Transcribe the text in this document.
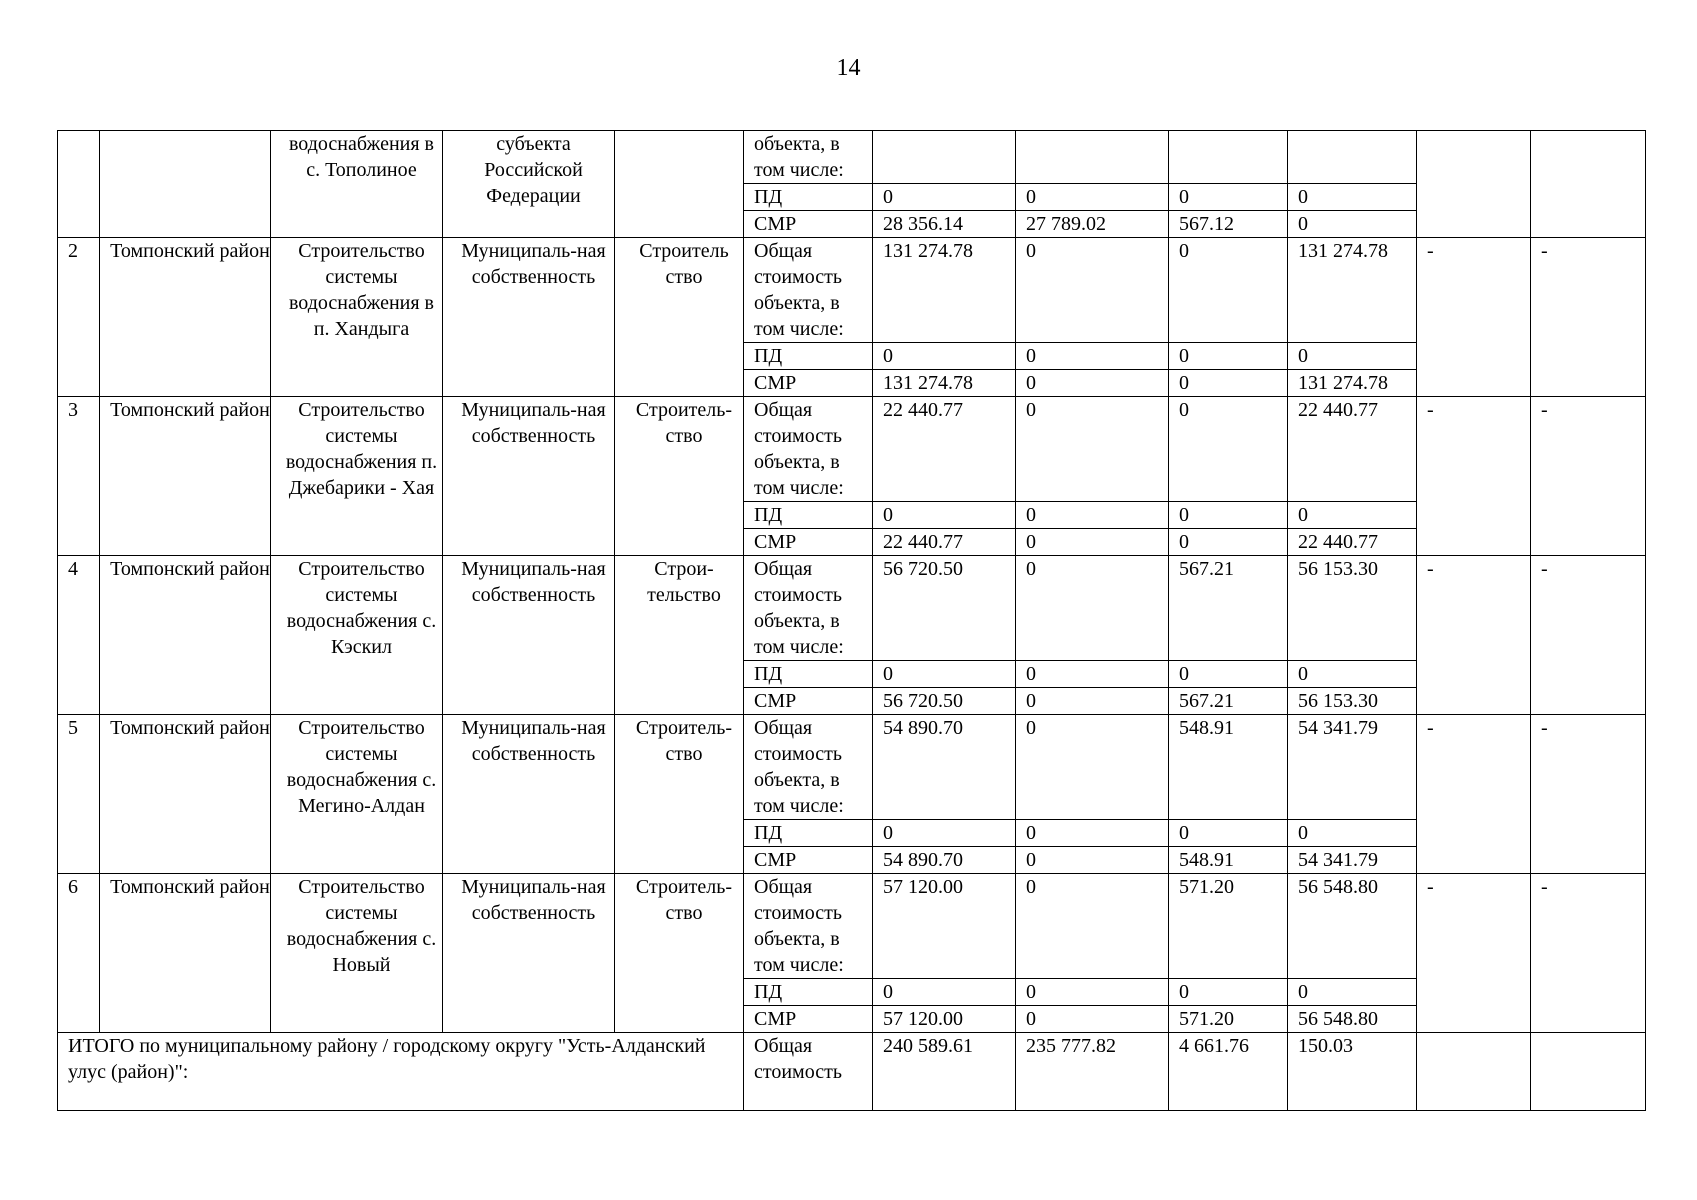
14
		водоснабжения в с. Тополиное	субъекта Российской Федерации		объекта, в том числе:						
					ПД	0	0	0	0		
					СМР	28 356.14	27 789.02	567.12	0		
2	Томпонский район	Строительство системы водоснабжения в п. Хандыга	Муниципаль-ная собственность	Строитель ство	Общая стоимость объекта, в том числе:	131 274.78	0	0	131 274.78	-	-
					ПД	0	0	0	0		
					СМР	131 274.78	0	0	131 274.78		
3	Томпонский район	Строительство системы водоснабжения п. Джебарики - Хая	Муниципаль-ная собственность	Строитель-ство	Общая стоимость объекта, в том числе:	22 440.77	0	0	22 440.77	-	-
					ПД	0	0	0	0		
					СМР	22 440.77	0	0	22 440.77		
4	Томпонский район	Строительство системы водоснабжения с. Кэскил	Муниципаль-ная собственность	Строи-тельство	Общая стоимость объекта, в том числе:	56 720.50	0	567.21	56 153.30	-	-
					ПД	0	0	0	0		
					СМР	56 720.50	0	567.21	56 153.30		
5	Томпонский район	Строительство системы водоснабжения с. Мегино-Алдан	Муниципаль-ная собственность	Строитель-ство	Общая стоимость объекта, в том числе:	54 890.70	0	548.91	54 341.79	-	-
					ПД	0	0	0	0		
					СМР	54 890.70	0	548.91	54 341.79		
6	Томпонский район	Строительство системы водоснабжения с. Новый	Муниципаль-ная собственность	Строитель-ство	Общая стоимость объекта, в том числе:	57 120.00	0	571.20	56 548.80	-	-
					ПД	0	0	0	0		
					СМР	57 120.00	0	571.20	56 548.80		
ИТОГО по муниципальному району / городскому округу "Усть-Алданский улус (район)":					Общая стоимость	240 589.61	235 777.82	4 661.76	150.03		
